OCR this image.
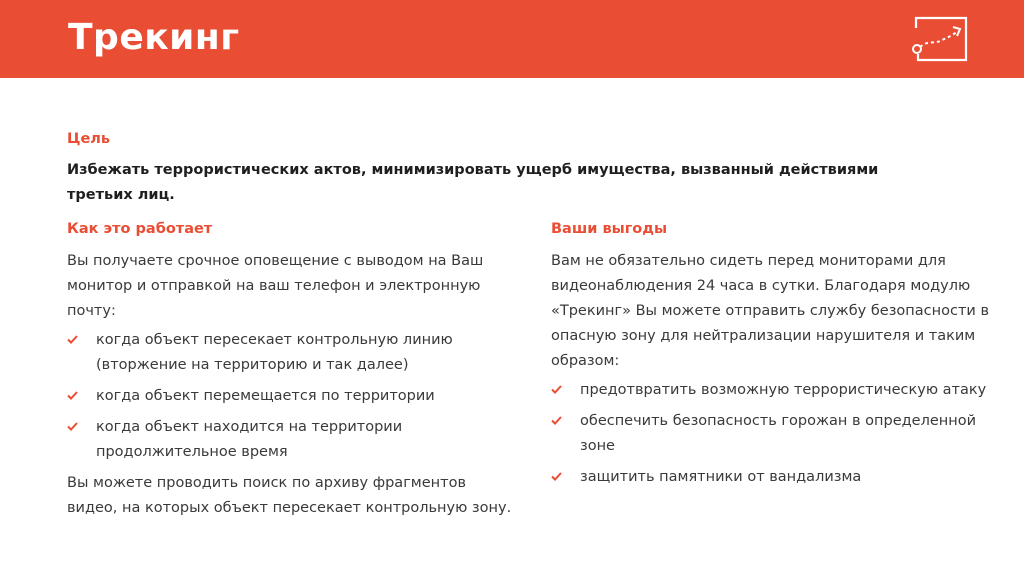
Трекинг
Цель
Избежать террористических актов, минимизировать ущерб имущества, вызванный действиями третьих лиц.
Как это работает

Вы получаете срочное оповещение с выводом на Ваш монитор и отправкой на ваш телефон и электронную почту:

когда объект пересекает контрольную линию (вторжение на территорию и так далее)
когда объект перемещается по территории
когда объект находится на территории продолжительное время

Вы можете проводить поиск по архиву фрагментов видео, на которых объект пересекает контрольную зону.

Ваши выгоды

Вам не обязательно сидеть перед мониторами для видеонаблюдения 24 часа в сутки. Благодаря модулю «Трекинг» Вы можете отправить службу безопасности в опасную зону для нейтрализации нарушителя и таким образом:

предотвратить возможную террористическую атаку
обеспечить безопасность горожан в определенной зоне
защитить памятники от вандализма
